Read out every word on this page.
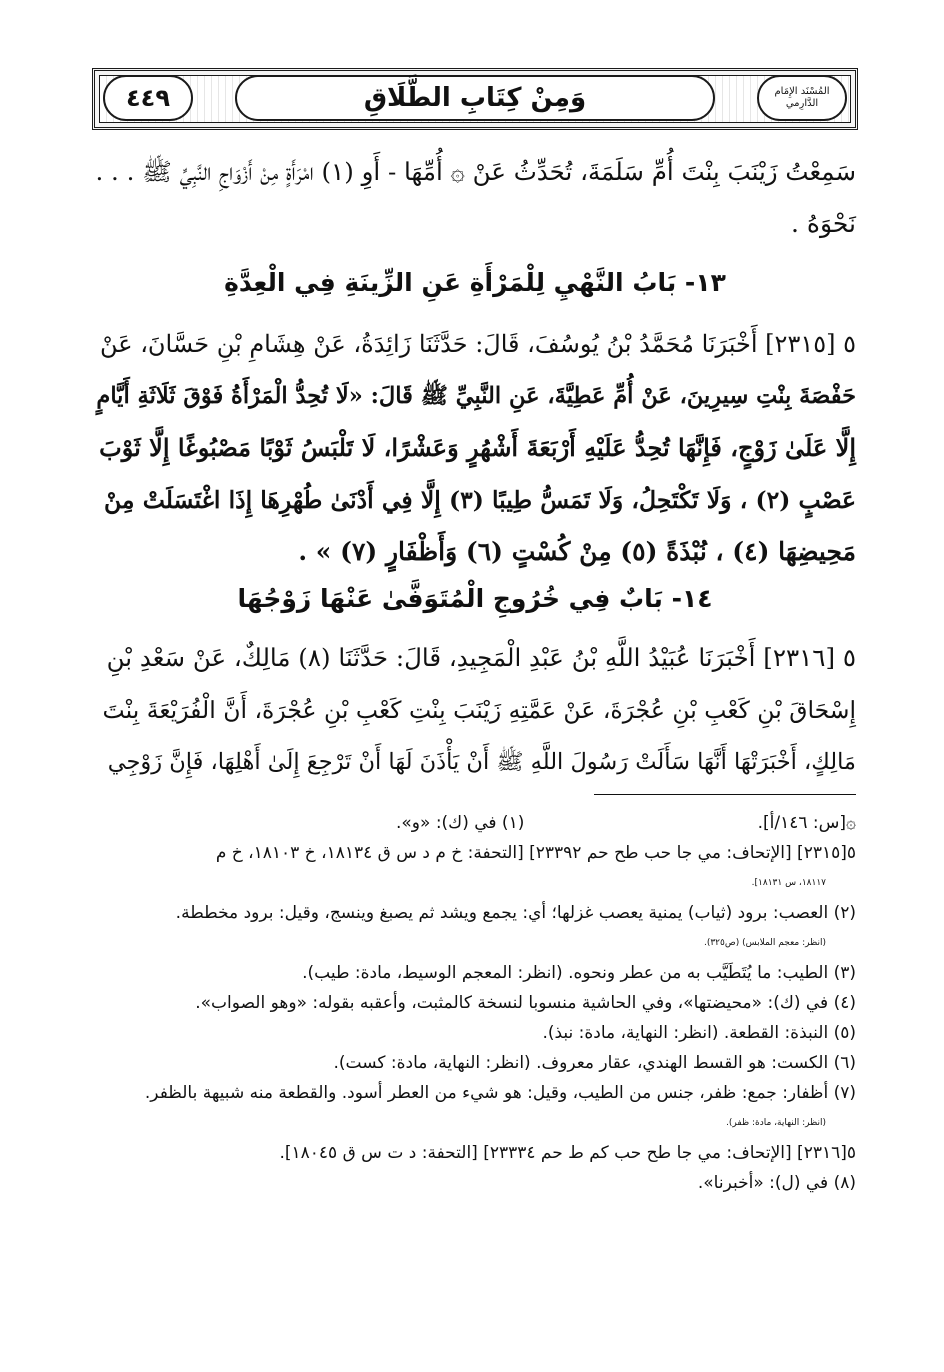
٤٤٩	وَمِنْ كِتَابِ الطَّلَاقِ	المُسْنَد الإِمَام الدَّارِمي
سَمِعْتُ زَيْنَبَ بِنْتَ أُمِّ سَلَمَةَ، تُحَدِّثُ عَنْ ۞ أُمِّهَا - أَوِ (١) امْرَأَةٍ مِنْ أَزْوَاجِ النَّبِيِّ ﷺ . . .
نَحْوَهُ .
١٣- بَابُ النَّهْيِ لِلْمَرْأَةِ عَنِ الزِّينَةِ فِي الْعِدَّةِ
٥ [٢٣١٥] أَخْبَرَنَا مُحَمَّدُ بْنُ يُوسُفَ، قَالَ: حَدَّثَنَا زَائِدَةُ، عَنْ هِشَامِ بْنِ حَسَّانَ، عَنْ
حَفْصَةَ بِنْتِ سِيرِينَ، عَنْ أُمِّ عَطِيَّةَ، عَنِ النَّبِيِّ ﷺ قَالَ: «لَا تُحِدُّ الْمَرْأَةُ فَوْقَ ثَلَاثَةِ أَيَّامٍ
إِلَّا عَلَىٰ زَوْجٍ، فَإِنَّهَا تُحِدُّ عَلَيْهِ أَرْبَعَةَ أَشْهُرٍ وَعَشْرًا، لَا تَلْبَسُ ثَوْبًا مَصْبُوغًا إِلَّا ثَوْبَ
عَصْبٍ (٢) ، وَلَا تَكْتَحِلُ، وَلَا تَمَسُّ طِيبًا (٣) إِلَّا فِي أَدْنَىٰ طُهْرِهَا إِذَا اغْتَسَلَتْ مِنْ
مَحِيضِهَا (٤) ، نُبْذَةً (٥) مِنْ كُسْتٍ (٦) وَأَظْفَارٍ (٧) » .
١٤- بَابٌ فِي خُرُوجِ الْمُتَوَفَّىٰ عَنْهَا زَوْجُهَا
٥ [٢٣١٦] أَخْبَرَنَا عُبَيْدُ اللَّهِ بْنُ عَبْدِ الْمَجِيدِ، قَالَ: حَدَّثَنَا (٨) مَالِكٌ، عَنْ سَعْدِ بْنِ
إِسْحَاقَ بْنِ كَعْبِ بْنِ عُجْرَةَ، عَنْ عَمَّتِهِ زَيْنَبَ بِنْتِ كَعْبِ بْنِ عُجْرَةَ، أَنَّ الْفُرَيْعَةَ بِنْتَ
مَالِكٍ، أَخْبَرَتْهَا أَنَّهَا سَأَلَتْ رَسُولَ اللَّهِ ﷺ أَنْ يَأْذَنَ لَهَا أَنْ تَرْجِعَ إِلَىٰ أَهْلِهَا، فَإِنَّ زَوْجِي
۞[س: ١٤٦/أ].
(١) في (ك): «و».
٥[٢٣١٥] [الإتحاف: مي جا حب طح حم ٢٣٣٩٢] [التحفة: خ م د س ق ١٨١٣٤، خ ١٨١٠٣، خ م
١٨١١٧، س ١٨١٣١].
(٢) العصب: برود (ثياب) يمنية يعصب غزلها؛ أي: يجمع ويشد ثم يصبغ وينسج، وقيل: برود مخططة.
(انظر: معجم الملابس) (ص٣٢٥).
(٣) الطيب: ما يُتَطَيَّب به من عطر ونحوه. (انظر: المعجم الوسيط، مادة: طيب).
(٤) في (ك): «محيضتها»، وفي الحاشية منسوبا لنسخة كالمثبت، وأعقبه بقوله: «وهو الصواب».
(٥) النبذة: القطعة. (انظر: النهاية، مادة: نبذ).
(٦) الكست: هو القسط الهندي، عقار معروف. (انظر: النهاية، مادة: كست).
(٧) أظفار: جمع: ظفر، جنس من الطيب، وقيل: هو شيء من العطر أسود. والقطعة منه شبيهة بالظفر.
(انظر: النهاية، مادة: ظفر).
٥[٢٣١٦] [الإتحاف: مي جا طح حب كم ط حم ٢٣٣٣٤] [التحفة: د ت س ق ١٨٠٤٥].
(٨) في (ل): «أخبرنا».
